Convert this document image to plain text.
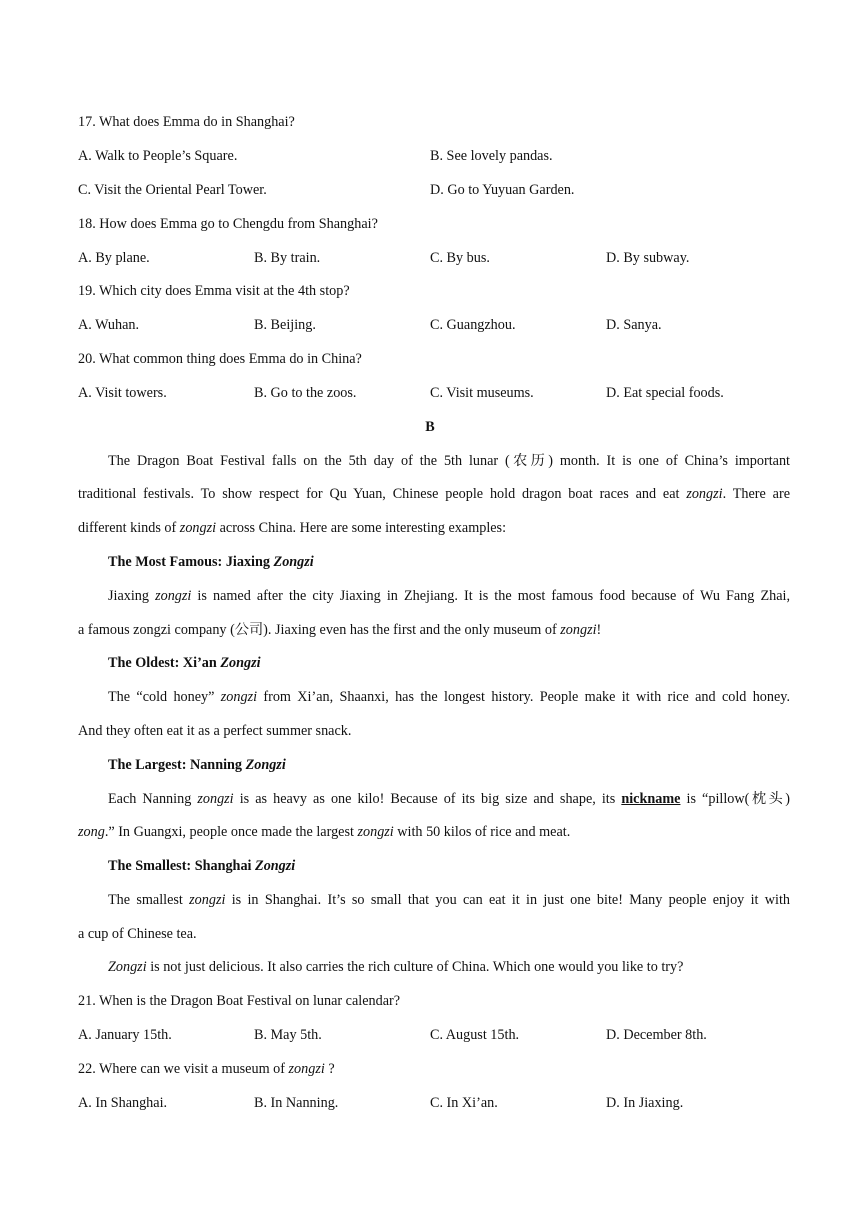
17. What does Emma do in Shanghai?
A. Walk to People’s Square.	B. See lovely pandas.
C. Visit the Oriental Pearl Tower.	D. Go to Yuyuan Garden.
18. How does Emma go to Chengdu from Shanghai?
A. By plane.	B. By train.	C. By bus.	D. By subway.
19. Which city does Emma visit at the 4th stop?
A. Wuhan.	B. Beijing.	C. Guangzhou.	D. Sanya.
20. What common thing does Emma do in China?
A. Visit towers.	B. Go to the zoos.	C. Visit museums.	D. Eat special foods.
B
The Dragon Boat Festival falls on the 5th day of the 5th lunar (农历) month. It is one of China’s important
traditional festivals. To show respect for Qu Yuan, Chinese people hold dragon boat races and eat zongzi. There are
different kinds of zongzi across China. Here are some interesting examples:
The Most Famous: Jiaxing Zongzi
Jiaxing zongzi is named after the city Jiaxing in Zhejiang. It is the most famous food because of Wu Fang Zhai,
a famous zongzi company (公司). Jiaxing even has the first and the only museum of zongzi!
The Oldest: Xi’an Zongzi
The “cold honey” zongzi from Xi’an, Shaanxi, has the longest history. People make it with rice and cold honey.
And they often eat it as a perfect summer snack.
The Largest: Nanning Zongzi
Each Nanning zongzi is as heavy as one kilo! Because of its big size and shape, its nickname is “pillow(枕头)
zong.” In Guangxi, people once made the largest zongzi with 50 kilos of rice and meat.
The Smallest: Shanghai Zongzi
The smallest zongzi is in Shanghai. It’s so small that you can eat it in just one bite! Many people enjoy it with
a cup of Chinese tea.
Zongzi is not just delicious. It also carries the rich culture of China. Which one would you like to try?
21. When is the Dragon Boat Festival on lunar calendar?
A. January 15th.	B. May 5th.	C. August 15th.	D. December 8th.
22. Where can we visit a museum of zongzi ?
A. In Shanghai.	B. In Nanning.	C. In Xi’an.	D. In Jiaxing.
